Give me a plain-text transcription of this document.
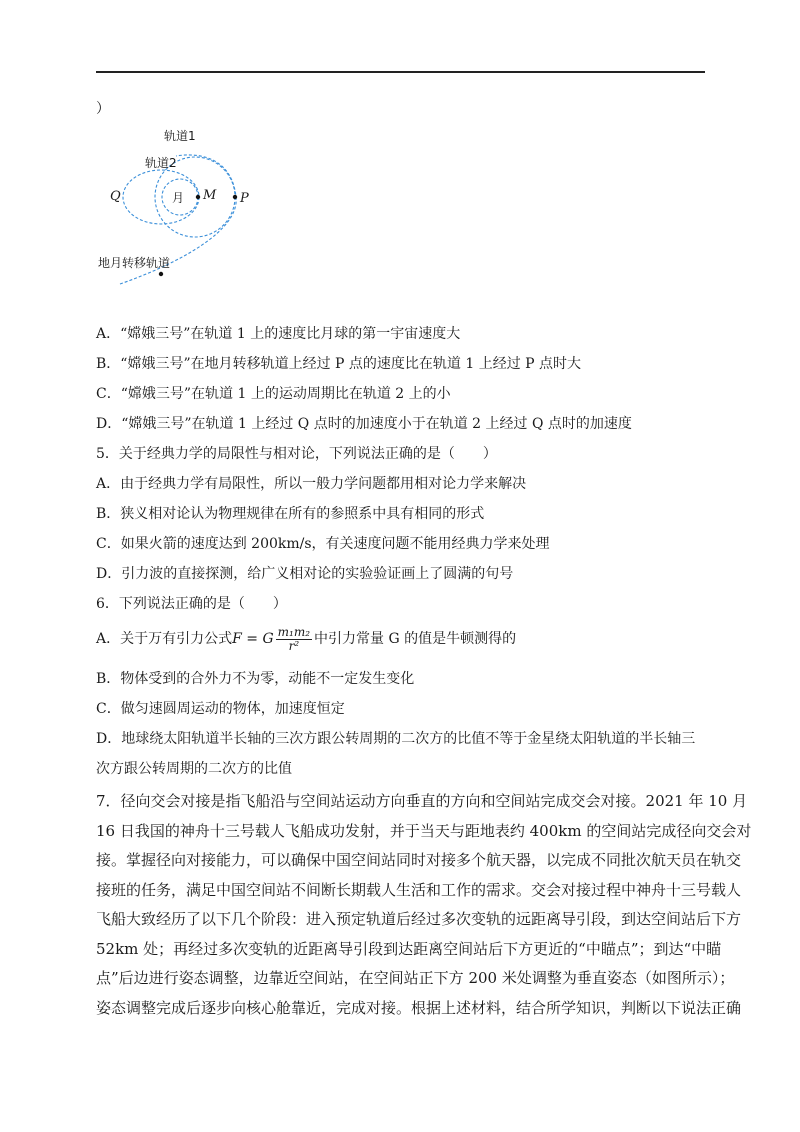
）
轨道1
轨道2
月 M P
Q
地月转移轨道
A．“嫦娥三号”在轨道 1 上的速度比月球的第一宇宙速度大
B．“嫦娥三号”在地月转移轨道上经过 P 点的速度比在轨道 1 上经过 P 点时大
C．“嫦娥三号”在轨道 1 上的运动周期比在轨道 2 上的小
D．“嫦娥三号”在轨道 1 上经过 Q 点时的加速度小于在轨道 2 上经过 Q 点时的加速度
5．关于经典力学的局限性与相对论，下列说法正确的是（　　）
A．由于经典力学有局限性，所以一般力学问题都用相对论力学来解决
B．狭义相对论认为物理规律在所有的参照系中具有相同的形式
C．如果火箭的速度达到 200km/s，有关速度问题不能用经典力学来处理
D．引力波的直接探测，给广义相对论的实验验证画上了圆满的句号
6．下列说法正确的是（　　）
A．关于万有引力公式F = G $\frac{\text{m₁m₂}}{\text{r²}}$ 中引力常量 G 的值是牛顿测得的
B．物体受到的合外力不为零，动能不一定发生变化
C．做匀速圆周运动的物体，加速度恒定
D．地球绕太阳轨道半长轴的三次方跟公转周期的二次方的比值不等于金星绕太阳轨道的半长轴三
次方跟公转周期的二次方的比值
7．径向交会对接是指飞船沿与空间站运动方向垂直的方向和空间站完成交会对接。2021 年 10 月
16 日我国的神舟十三号载人飞船成功发射，并于当天与距地表约 400km 的空间站完成径向交会对
接。掌握径向对接能力，可以确保中国空间站同时对接多个航天器，以完成不同批次航天员在轨交
接班的任务，满足中国空间站不间断长期载人生活和工作的需求。交会对接过程中神舟十三号载人
飞船大致经历了以下几个阶段：进入预定轨道后经过多次变轨的远距离导引段，到达空间站后下方
52km 处；再经过多次变轨的近距离导引段到达距离空间站后下方更近的“中瞄点”；到达“中瞄
点”后边进行姿态调整，边靠近空间站，在空间站正下方 200 米处调整为垂直姿态（如图所示）；
姿态调整完成后逐步向核心舱靠近，完成对接。根据上述材料，结合所学知识，判断以下说法正确
